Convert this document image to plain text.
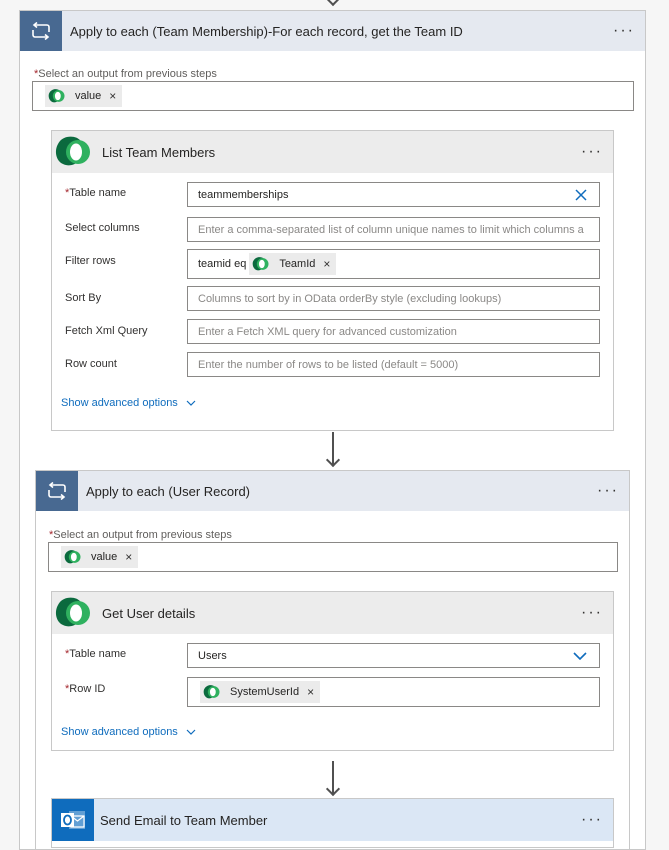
Apply to each (Team Membership)-For each record, get the Team ID	···
*Select an output from previous steps
value ×
List Team Members	···
*Table name	teammemberships
Select columns	Enter a comma-separated list of column unique names to limit which columns a
Filter rows	teamid eq	TeamId ×
Sort By	Columns to sort by in OData orderBy style (excluding lookups)
Fetch Xml Query	Enter a Fetch XML query for advanced customization
Row count	Enter the number of rows to be listed (default = 5000)
Show advanced options
Apply to each (User Record)	···
*Select an output from previous steps
value ×
Get User details	···
*Table name	Users
*Row ID	SystemUserId ×
Show advanced options
Send Email to Team Member	···
